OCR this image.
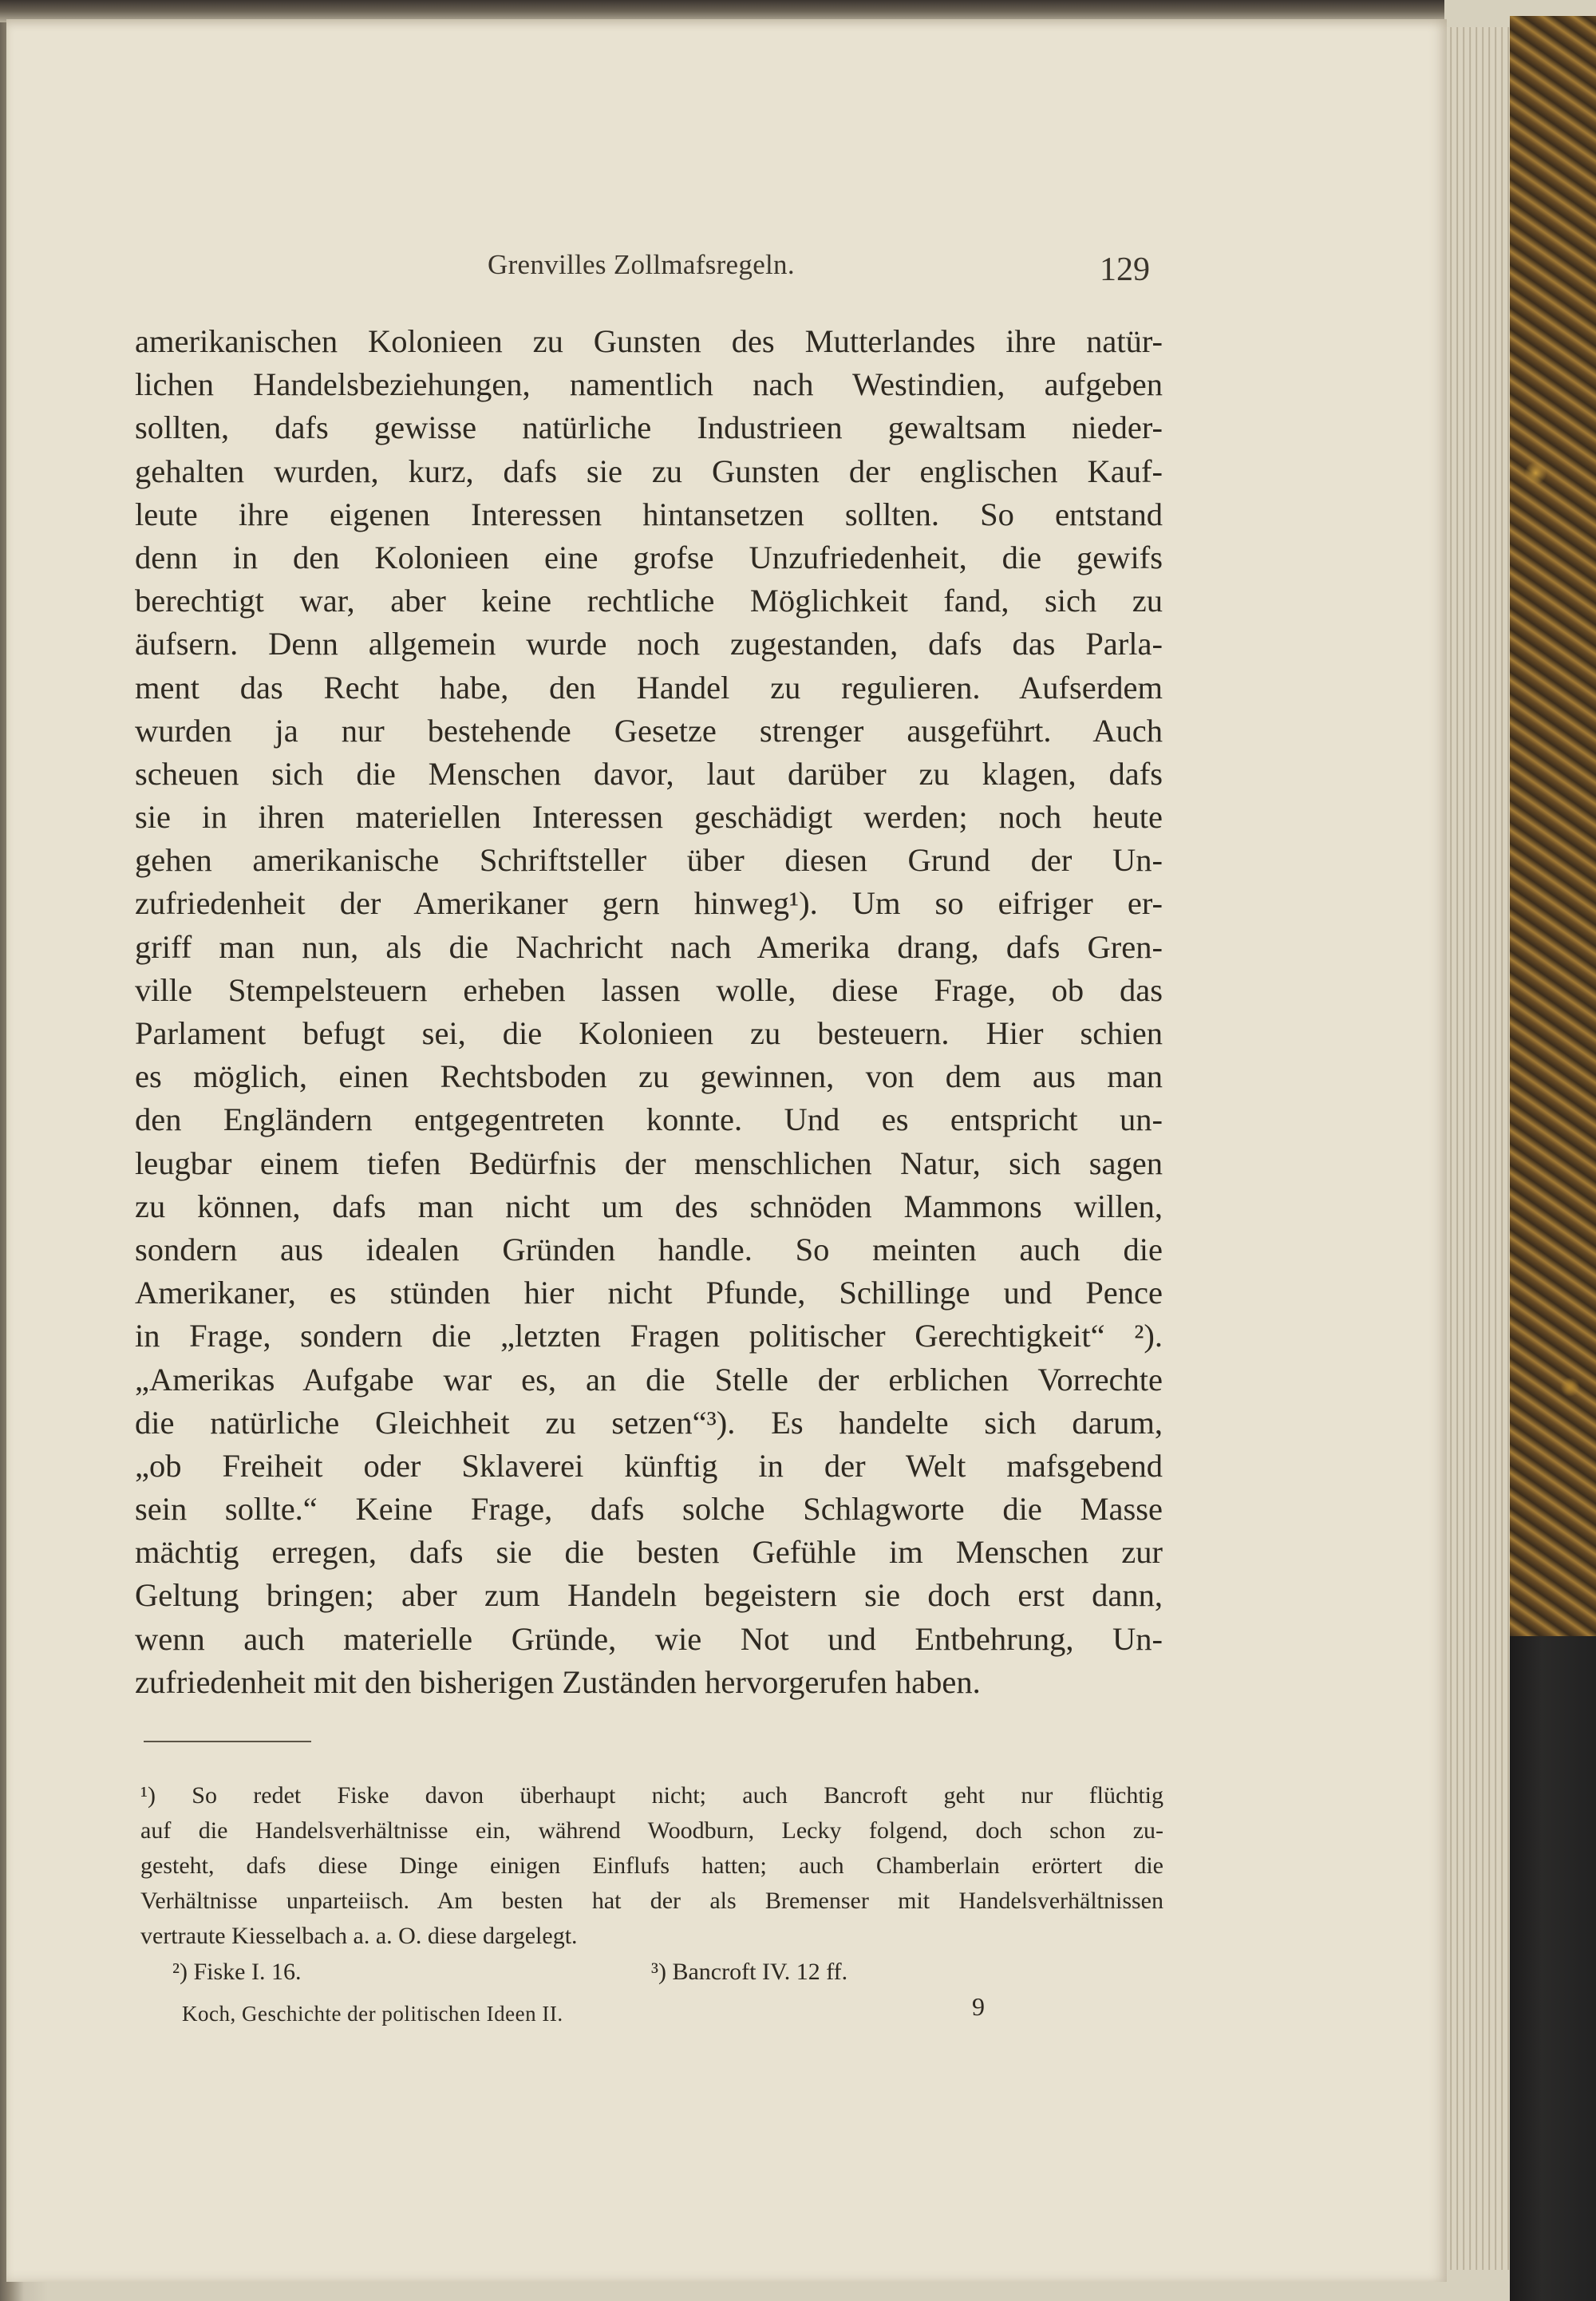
Grenvilles Zollmafsregeln.	129
amerikanischen Kolonieen zu Gunsten des Mutterlandes ihre natür-
lichen Handelsbeziehungen, namentlich nach Westindien, aufgeben
sollten, dafs gewisse natürliche Industrieen gewaltsam nieder-
gehalten wurden, kurz, dafs sie zu Gunsten der englischen Kauf-
leute ihre eigenen Interessen hintansetzen sollten. So entstand
denn in den Kolonieen eine grofse Unzufriedenheit, die gewifs
berechtigt war, aber keine rechtliche Möglichkeit fand, sich zu
äufsern. Denn allgemein wurde noch zugestanden, dafs das Parla-
ment das Recht habe, den Handel zu regulieren. Aufserdem
wurden ja nur bestehende Gesetze strenger ausgeführt. Auch
scheuen sich die Menschen davor, laut darüber zu klagen, dafs
sie in ihren materiellen Interessen geschädigt werden; noch heute
gehen amerikanische Schriftsteller über diesen Grund der Un-
zufriedenheit der Amerikaner gern hinweg¹). Um so eifriger er-
griff man nun, als die Nachricht nach Amerika drang, dafs Gren-
ville Stempelsteuern erheben lassen wolle, diese Frage, ob das
Parlament befugt sei, die Kolonieen zu besteuern. Hier schien
es möglich, einen Rechtsboden zu gewinnen, von dem aus man
den Engländern entgegentreten konnte. Und es entspricht un-
leugbar einem tiefen Bedürfnis der menschlichen Natur, sich sagen
zu können, dafs man nicht um des schnöden Mammons willen,
sondern aus idealen Gründen handle. So meinten auch die
Amerikaner, es stünden hier nicht Pfunde, Schillinge und Pence
in Frage, sondern die „letzten Fragen politischer Gerechtigkeit“ ²).
„Amerikas Aufgabe war es, an die Stelle der erblichen Vorrechte
die natürliche Gleichheit zu setzen“³). Es handelte sich darum,
„ob Freiheit oder Sklaverei künftig in der Welt mafsgebend
sein sollte.“ Keine Frage, dafs solche Schlagworte die Masse
mächtig erregen, dafs sie die besten Gefühle im Menschen zur
Geltung bringen; aber zum Handeln begeistern sie doch erst dann,
wenn auch materielle Gründe, wie Not und Entbehrung, Un-
zufriedenheit mit den bisherigen Zuständen hervorgerufen haben.
¹) So redet Fiske davon überhaupt nicht; auch Bancroft geht nur flüchtig
auf die Handelsverhältnisse ein, während Woodburn, Lecky folgend, doch schon zu-
gesteht, dafs diese Dinge einigen Einflufs hatten; auch Chamberlain erörtert die
Verhältnisse unparteiisch. Am besten hat der als Bremenser mit Handelsverhältnissen
vertraute Kiesselbach a. a. O. diese dargelegt.
²) Fiske I. 16.	³) Bancroft IV. 12 ff.
Koch, Geschichte der politischen Ideen II.	9
